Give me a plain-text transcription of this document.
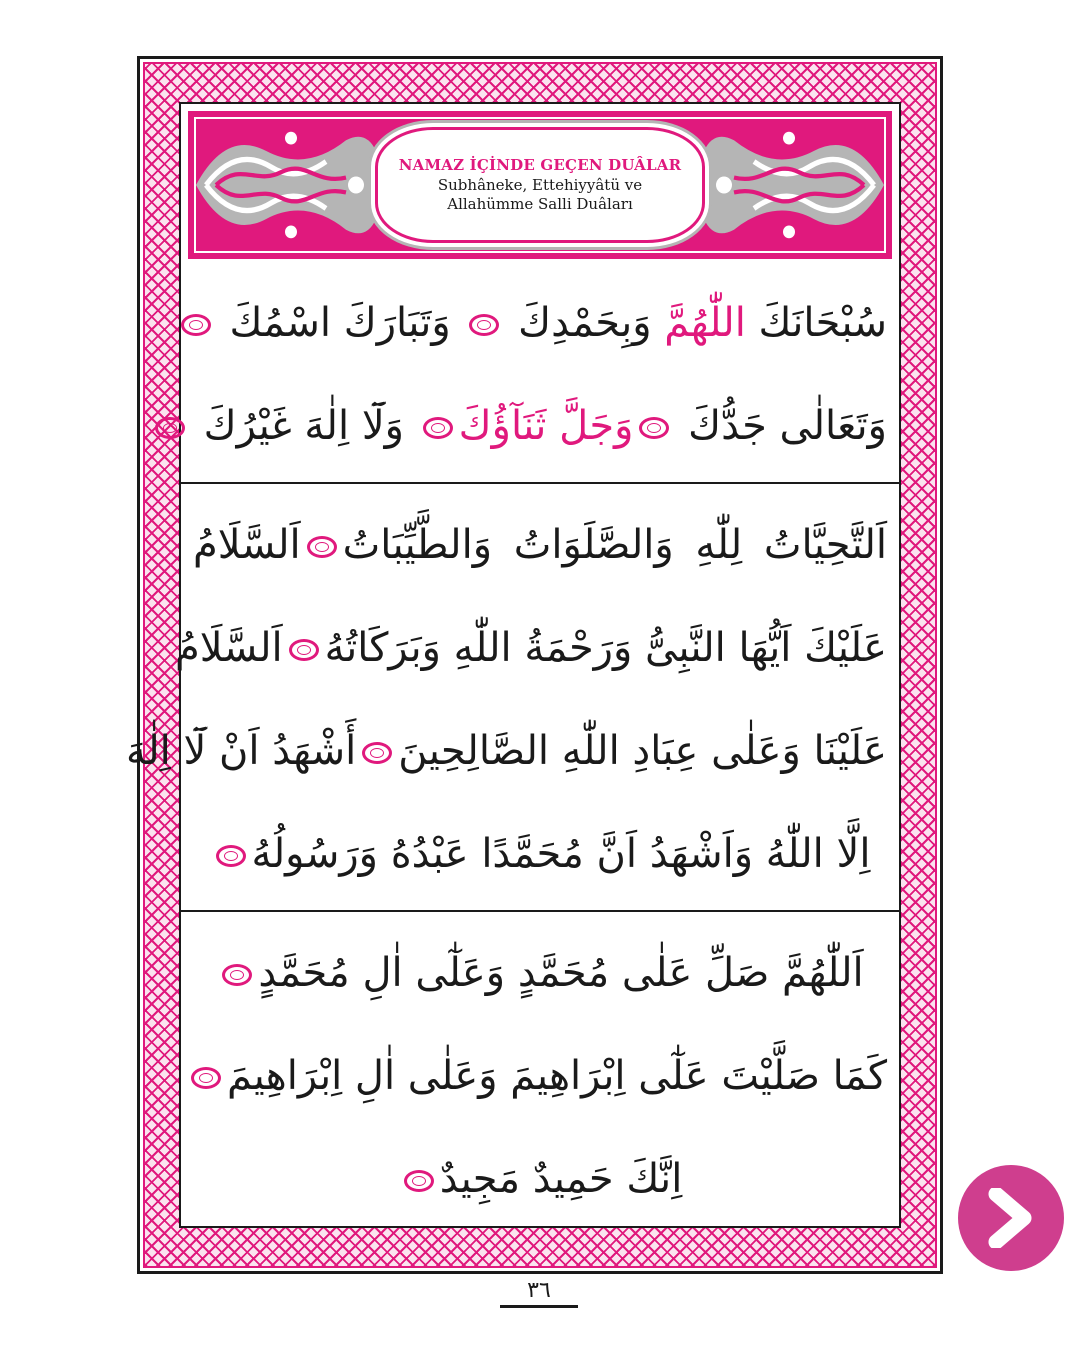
NAMAZ İÇİNDE GEÇEN DUÂLAR
Subhâneke, Ettehiyyâtü ve
Allahümme Salli Duâları
سُبْحَانَكَ اللّٰهُمَّ وَبِحَمْدِكَ  وَتَبَارَكَ اسْمُكَ
وَتَعَالٰى جَدُّكَ وَجَلَّ ثَنَآؤُكَ وَلَٓا اِلٰهَ غَيْرُكَ
اَلتَّحِيَّاتُ لِلّٰهِ وَالصَّلَوَاتُ وَالطَّيِّبَاتُاَلسَّلَامُ
عَلَيْكَ اَيُّهَا النَّبِىُّ وَرَحْمَةُ اللّٰهِ وَبَرَكَاتُهُاَلسَّلَامُ
عَلَيْنَا وَعَلٰى عِبَادِ اللّٰهِ الصَّالِحِينَأَشْهَدُ اَنْ لَٓا اِلٰهَ
اِلَّا اللّٰهُ وَاَشْهَدُ اَنَّ مُحَمَّدًا عَبْدُهُ وَرَسُولُهُ
اَللّٰهُمَّ صَلِّ عَلٰى مُحَمَّدٍ وَعَلٰٓى اٰلِ مُحَمَّدٍ
كَمَا صَلَّيْتَ عَلٰٓى اِبْرَاهِيمَ وَعَلٰى اٰلِ اِبْرَاهِيمَ
اِنَّكَ حَمِيدٌ مَجِيدٌ
٣٦
